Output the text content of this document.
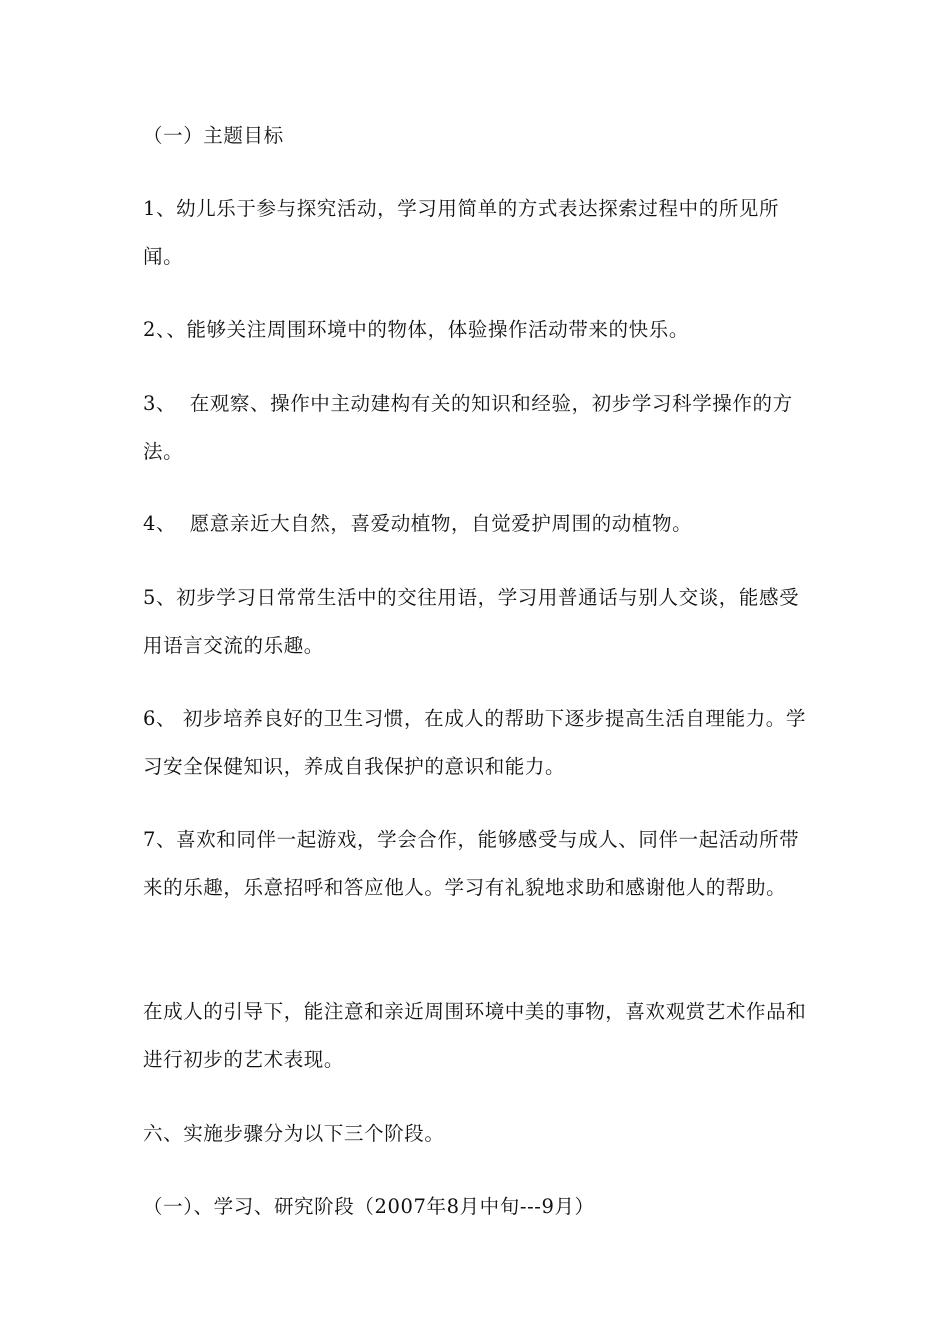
（一）主题目标

1、幼儿乐于参与探究活动，学习用简单的方式表达探索过程中的所见所闻。

2、、能够关注周围环境中的物体，体验操作活动带来的快乐。

3、  在观察、操作中主动建构有关的知识和经验，初步学习科学操作的方法。

4、  愿意亲近大自然，喜爱动植物，自觉爱护周围的动植物。

5、初步学习日常常生活中的交往用语，学习用普通话与别人交谈，能感受用语言交流的乐趣。

6、 初步培养良好的卫生习惯，在成人的帮助下逐步提高生活自理能力。学习安全保健知识，养成自我保护的意识和能力。

7、喜欢和同伴一起游戏，学会合作，能够感受与成人、同伴一起活动所带来的乐趣，乐意招呼和答应他人。学习有礼貌地求助和感谢他人的帮助。

在成人的引导下，能注意和亲近周围环境中美的事物，喜欢观赏艺术作品和进行初步的艺术表现。

六、实施步骤分为以下三个阶段。

（一）、学习、研究阶段（2007年8月中旬---9月）
